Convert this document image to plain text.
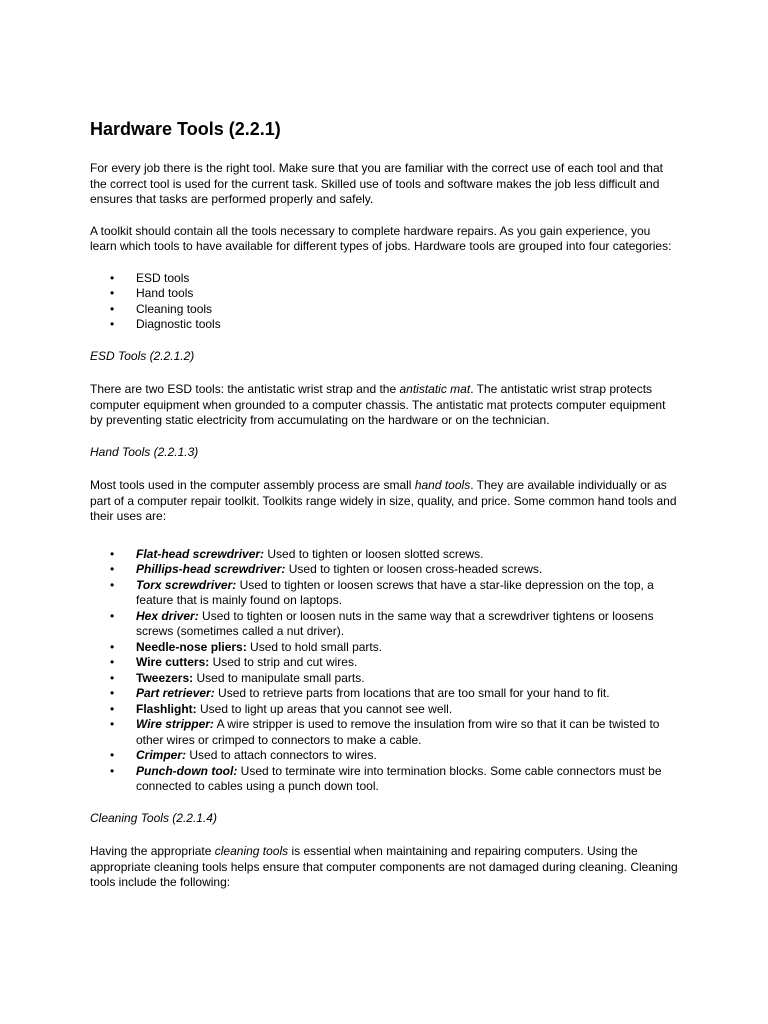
Hardware Tools (2.2.1)

For every job there is the right tool. Make sure that you are familiar with the correct use of each tool and that the correct tool is used for the current task. Skilled use of tools and software makes the job less difficult and ensures that tasks are performed properly and safely.

A toolkit should contain all the tools necessary to complete hardware repairs. As you gain experience, you learn which tools to have available for different types of jobs. Hardware tools are grouped into four categories:

• ESD tools
• Hand tools
• Cleaning tools
• Diagnostic tools
ESD Tools (2.2.1.2)

There are two ESD tools: the antistatic wrist strap and the antistatic mat. The antistatic wrist strap protects computer equipment when grounded to a computer chassis. The antistatic mat protects computer equipment by preventing static electricity from accumulating on the hardware or on the technician.

Hand Tools (2.2.1.3)

Most tools used in the computer assembly process are small hand tools. They are available individually or as part of a computer repair toolkit. Toolkits range widely in size, quality, and price. Some common hand tools and their uses are:

• Flat-head screwdriver: Used to tighten or loosen slotted screws.
• Phillips-head screwdriver: Used to tighten or loosen cross-headed screws.
• Torx screwdriver: Used to tighten or loosen screws that have a star-like depression on the top, a feature that is mainly found on laptops.
• Hex driver: Used to tighten or loosen nuts in the same way that a screwdriver tightens or loosens screws (sometimes called a nut driver).
• Needle-nose pliers: Used to hold small parts.
• Wire cutters: Used to strip and cut wires.
• Tweezers: Used to manipulate small parts.
• Part retriever: Used to retrieve parts from locations that are too small for your hand to fit.
• Flashlight: Used to light up areas that you cannot see well.
• Wire stripper: A wire stripper is used to remove the insulation from wire so that it can be twisted to other wires or crimped to connectors to make a cable.
• Crimper: Used to attach connectors to wires.
• Punch-down tool: Used to terminate wire into termination blocks. Some cable connectors must be connected to cables using a punch down tool.
Cleaning Tools (2.2.1.4)

Having the appropriate cleaning tools is essential when maintaining and repairing computers. Using the appropriate cleaning tools helps ensure that computer components are not damaged during cleaning. Cleaning tools include the following:
